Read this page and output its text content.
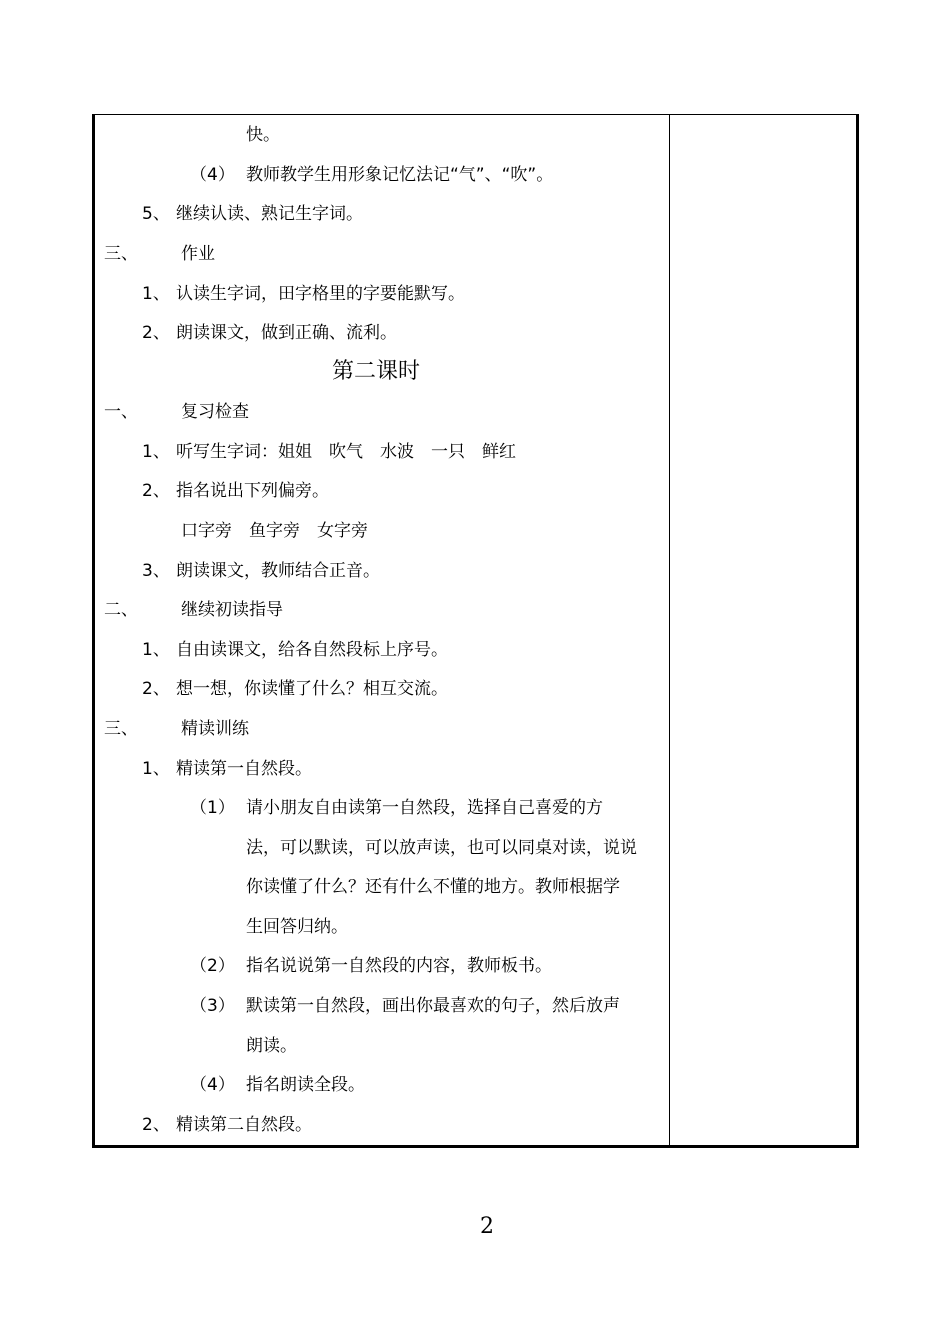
快。
（4） 教师教学生用形象记忆法记“气”、“吹”。
5、 继续认读、熟记生字词。
三、	作业
1、 认读生字词，田字格里的字要能默写。
2、 朗读课文，做到正确、流利。
第二课时
一、	复习检查
1、 听写生字词：姐姐　吹气　水波　一只　鲜红
2、 指名说出下列偏旁。
口字旁　鱼字旁　女字旁
3、 朗读课文，教师结合正音。
二、	继续初读指导
1、 自由读课文，给各自然段标上序号。
2、 想一想，你读懂了什么？相互交流。
三、	精读训练
1、 精读第一自然段。
（1） 请小朋友自由读第一自然段，选择自己喜爱的方
法，可以默读，可以放声读，也可以同桌对读，说说
你读懂了什么？还有什么不懂的地方。教师根据学
生回答归纳。
（2） 指名说说第一自然段的内容，教师板书。
（3） 默读第一自然段，画出你最喜欢的句子，然后放声
朗读。
（4） 指名朗读全段。
2、 精读第二自然段。
2
